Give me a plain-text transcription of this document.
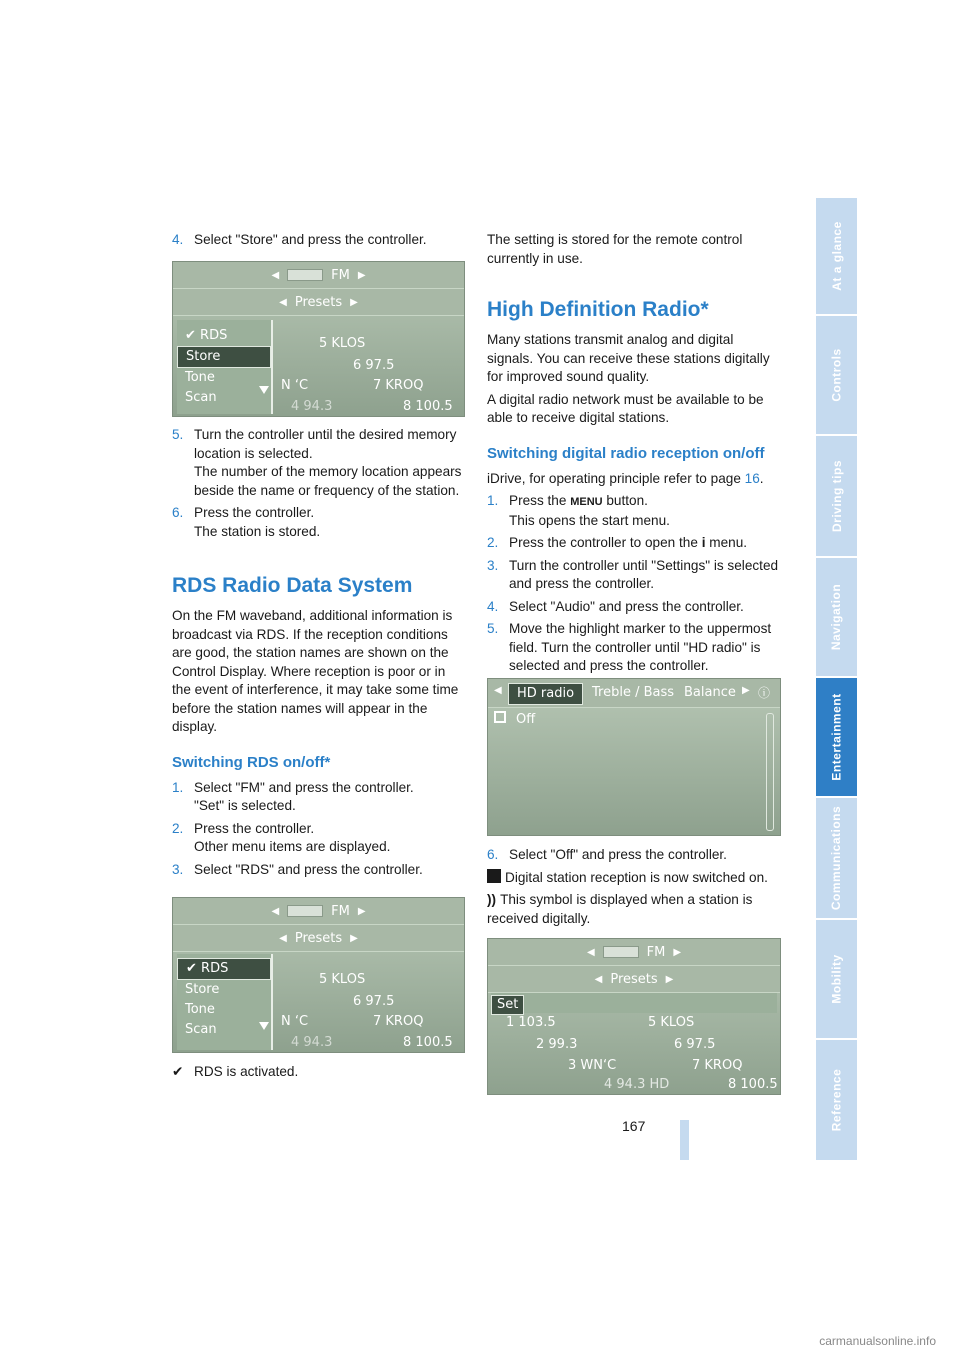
At a glance
Controls
Driving tips
Navigation
Entertainment
Communications
Mobility
Reference
4. Select "Store" and press the controller.
◀	FM ▶
◀ Presets ▶
✔ RDS
Store
Tone
Scan
5 KLOS
6 97.5
N ‘C	7 KROQ
4 94.3	8 100.5
5. Turn the controller until the desired memory location is selected.
The number of the memory location appears beside the name or frequency of the station.
6. Press the controller.
The station is stored.
RDS Radio Data System

On the FM waveband, additional information is broadcast via RDS. If the reception conditions are good, the station names are shown on the Control Display. Where reception is poor or in the event of interference, it may take some time before the station names will appear in the display.

Switching RDS on/off*
1. Select "FM" and press the controller.
"Set" is selected.
2. Press the controller.
Other menu items are displayed.
3. Select "RDS" and press the controller.
◀	FM ▶
◀ Presets ▶
✔ RDS
Store
Tone
Scan
5 KLOS
6 97.5
N ‘C	7 KROQ
4 94.3	8 100.5

✔ RDS is activated.

The setting is stored for the remote control currently in use.

High Definition Radio*

Many stations transmit analog and digital signals. You can receive these stations digitally for improved sound quality.

A digital radio network must be available to be able to receive digital stations.

Switching digital radio reception on/off

iDrive, for operating principle refer to page 16.

1. Press the MENU button.
This opens the start menu.
2. Press the controller to open the i menu.
3. Turn the controller until "Settings" is selected and press the controller.
4. Select "Audio" and press the controller.
5. Move the highlight marker to the uppermost field. Turn the controller until "HD radio" is selected and press the controller.
◀	HD radio	Treble / Bass Balance ▶ ⓘ
Off
6. Select "Off" and press the controller.

Digital station reception is now switched on.

)) This symbol is displayed when a station is received digitally.

◀	FM ▶
◀ Presets ▶
Set
1 103.5	5 KLOS
2 99.3	6 97.5
3 WN‘C	7 KROQ
4 94.3 HD	8 100.5
167
carmanualsonline.info
